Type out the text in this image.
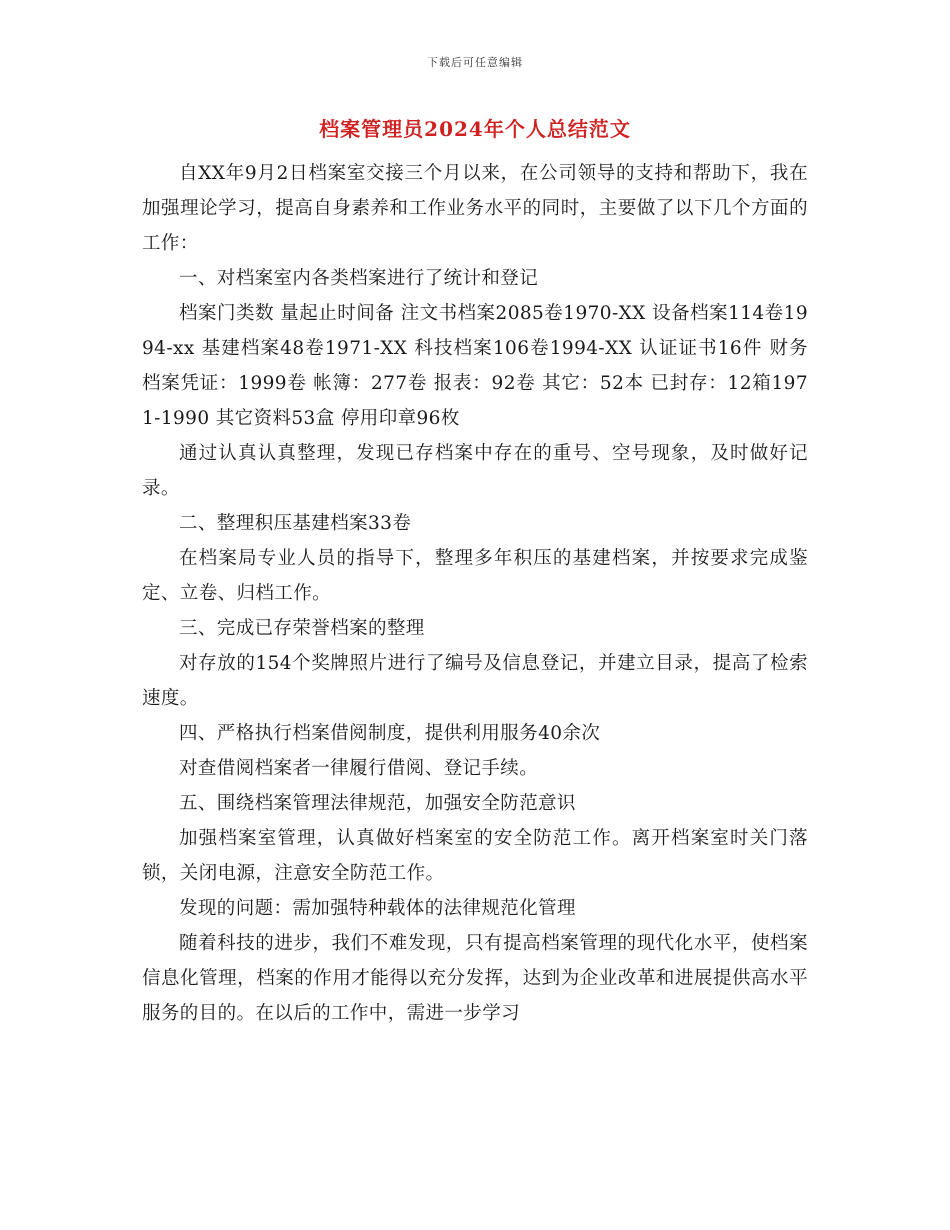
下载后可任意编辑
档案管理员2024年个人总结范文

自XX年9月2日档案室交接三个月以来，在公司领导的支持和帮助下，我在加强理论学习，提高自身素养和工作业务水平的同时，主要做了以下几个方面的工作：

一、对档案室内各类档案进行了统计和登记

档案门类数 量起止时间备 注文书档案2085卷1970-XX 设备档案114卷1994-xx 基建档案48卷1971-XX 科技档案106卷1994-XX 认证证书16件 财务档案凭证：1999卷 帐簿：277卷 报表：92卷 其它：52本 已封存：12箱1971-1990 其它资料53盒 停用印章96枚

通过认真认真整理，发现已存档案中存在的重号、空号现象，及时做好记录。

二、整理积压基建档案33卷

在档案局专业人员的指导下，整理多年积压的基建档案，并按要求完成鉴定、立卷、归档工作。

三、完成已存荣誉档案的整理

对存放的154个奖牌照片进行了编号及信息登记，并建立目录，提高了检索速度。

四、严格执行档案借阅制度，提供利用服务40余次

对查借阅档案者一律履行借阅、登记手续。

五、围绕档案管理法律规范，加强安全防范意识

加强档案室管理，认真做好档案室的安全防范工作。离开档案室时关门落锁，关闭电源，注意安全防范工作。

发现的问题：需加强特种载体的法律规范化管理

随着科技的进步，我们不难发现，只有提高档案管理的现代化水平，使档案信息化管理，档案的作用才能得以充分发挥，达到为企业改革和进展提供高水平服务的目的。在以后的工作中，需进一步学习
